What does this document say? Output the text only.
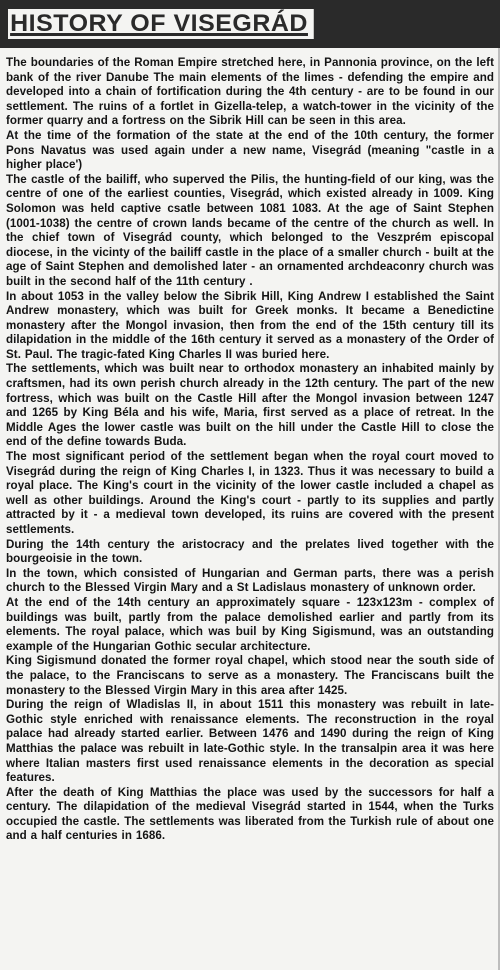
HISTORY OF VISEGRÁD

The boundaries of the Roman Empire stretched here, in Pannonia province, on the left bank of the river Danube The main elements of the limes - defending the empire and developed into a chain of fortification during the 4th century - are to be found in our settlement. The ruins of a fortlet in Gizella-telep, a watch-tower in the vicinity of the former quarry and a fortress on the Sibrik Hill can be seen in this area.

At the time of the formation of the state at the end of the 10th century, the former Pons Navatus was used again under a new name, Visegrád (meaning "castle in a higher place')

The castle of the bailiff, who superved the Pilis, the hunting-field of our king, was the centre of one of the earliest counties, Visegrád, which existed already in 1009. King Solomon was held captive csatle between 1081 1083. At the age of Saint Stephen (1001-1038) the centre of crown lands became of the centre of the church as well. In the chief town of Visegrád county, which belonged to the Veszprém episcopal diocese, in the vicinty of the bailiff castle in the place of a smaller church - built at the age of Saint Stephen and demolished later - an ornamented archdeaconry church was built in the second half of the 11th century .

In about 1053 in the valley below the Sibrik Hill, King Andrew I established the Saint Andrew monastery, which was built for Greek monks. It became a Benedictine monastery after the Mongol invasion, then from the end of the 15th century till its dilapidation in the middle of the 16th century it served as a monastery of the Order of St. Paul. The tragic-fated King Charles II was buried here.

The settlements, which was built near to orthodox monastery an inhabited mainly by craftsmen, had its own perish church already in the 12th century. The part of the new fortress, which was built on the Castle Hill after the Mongol invasion between 1247 and 1265 by King Béla and his wife, Maria, first served as a place of retreat. In the Middle Ages the lower castle was built on the hill under the Castle Hill to close the end of the define towards Buda.

The most significant period of the settlement began when the royal court moved to Visegrád during the reign of King Charles I, in 1323. Thus it was necessary to build a royal place. The King's court in the vicinity of the lower castle included a chapel as well as other buildings. Around the King's court - partly to its supplies and partly attracted by it - a medieval town developed, its ruins are covered with the present settlements.

During the 14th century the aristocracy and the prelates lived together with the bourgeoisie in the town.

In the town, which consisted of Hungarian and German parts, there was a perish church to the Blessed Virgin Mary and a St Ladislaus monastery of unknown order.

At the end of the 14th century an approximately square - 123x123m - complex of buildings was built, partly from the palace demolished earlier and partly from its elements. The royal palace, which was buil by King Sigismund, was an outstanding example of the Hungarian Gothic secular architecture.

King Sigismund donated the former royal chapel, which stood near the south side of the palace, to the Franciscans to serve as a monastery. The Franciscans built the monastery to the Blessed Virgin Mary in this area after 1425.

During the reign of Wladislas II, in about 1511 this monastery was rebuilt in late-Gothic style enriched with renaissance elements. The reconstruction in the royal palace had already started earlier. Between 1476 and 1490 during the reign of King Matthias the palace was rebuilt in late-Gothic style. In the transalpin area it was here where Italian masters first used renaissance elements in the decoration as special features.

After the death of King Matthias the place was used by the successors for half a century. The dilapidation of the medieval Visegrád started in 1544, when the Turks occupied the castle. The settlements was liberated from the Turkish rule of about one and a half centuries in 1686.
